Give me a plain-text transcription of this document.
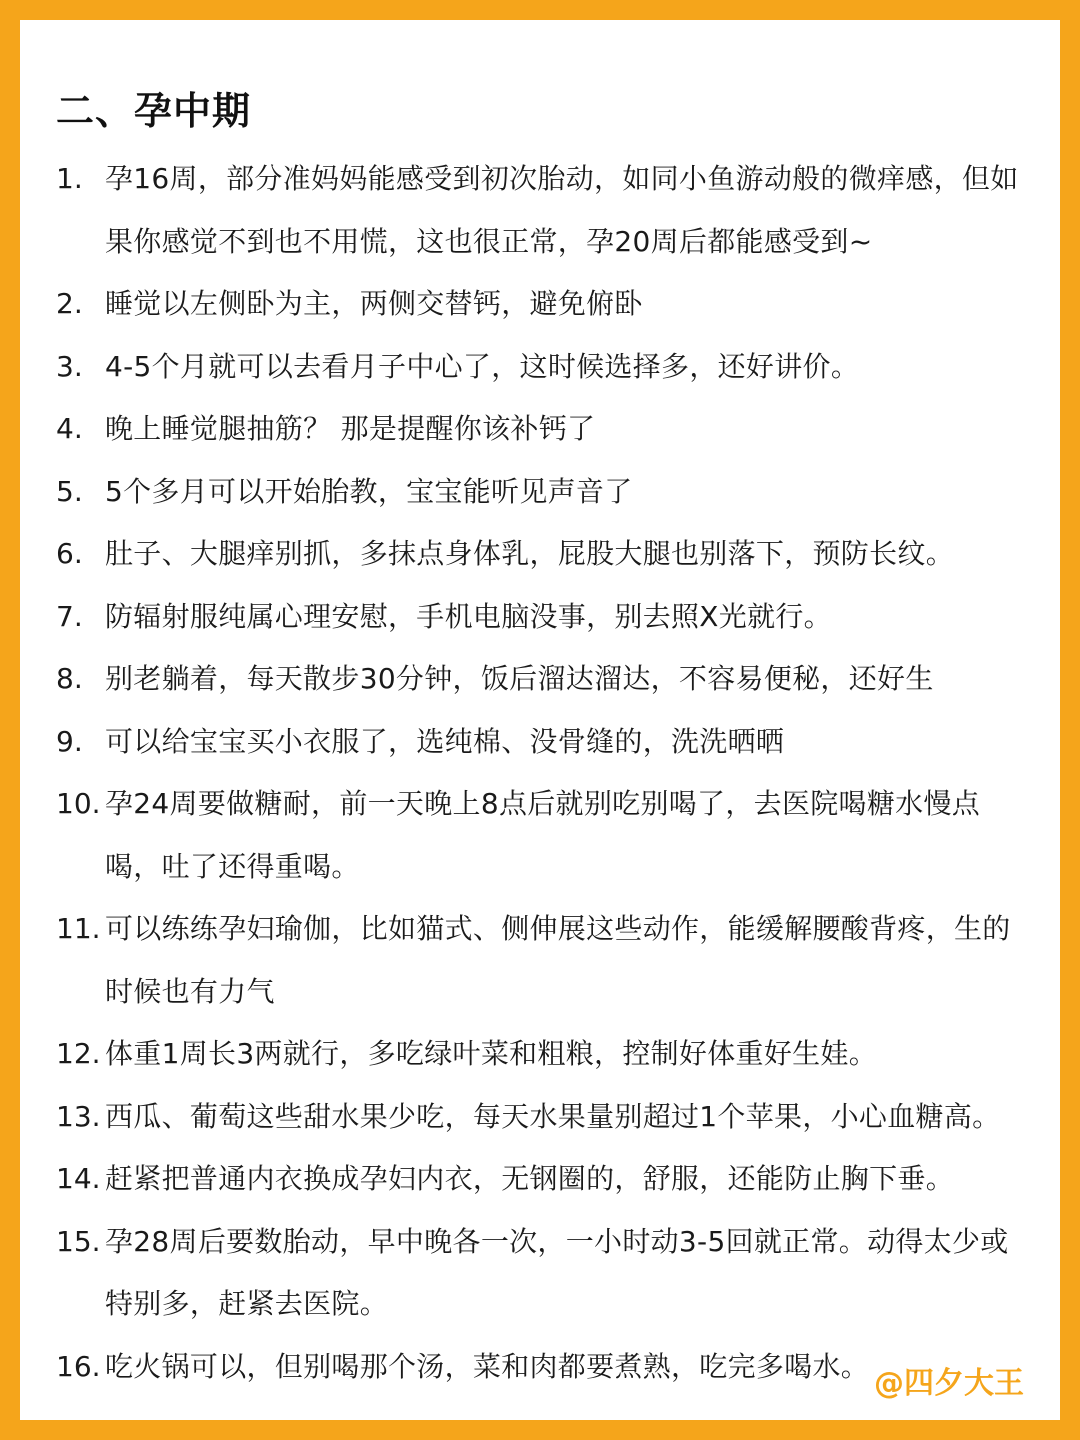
二、孕中期
1. 孕16周，部分准妈妈能感受到初次胎动，如同小鱼游动般的微痒感，但如果你感觉不到也不用慌，这也很正常，孕20周后都能感受到~
2. 睡觉以左侧卧为主，两侧交替钙，避免俯卧
3. 4-5个月就可以去看月子中心了，这时候选择多，还好讲价。
4. 晚上睡觉腿抽筋？ 那是提醒你该补钙了
5. 5个多月可以开始胎教，宝宝能听见声音了
6. 肚子、大腿痒别抓，多抹点身体乳，屁股大腿也别落下，预防长纹。
7. 防辐射服纯属心理安慰，手机电脑没事，别去照X光就行。
8. 别老躺着，每天散步30分钟，饭后溜达溜达，不容易便秘，还好生
9. 可以给宝宝买小衣服了，选纯棉、没骨缝的，洗洗晒晒
10. 孕24周要做糖耐，前一天晚上8点后就别吃别喝了，去医院喝糖水慢点喝，吐了还得重喝。
11. 可以练练孕妇瑜伽，比如猫式、侧伸展这些动作，能缓解腰酸背疼，生的时候也有力气
12. 体重1周长3两就行，多吃绿叶菜和粗粮，控制好体重好生娃。
13. 西瓜、葡萄这些甜水果少吃，每天水果量别超过1个苹果，小心血糖高。
14. 赶紧把普通内衣换成孕妇内衣，无钢圈的，舒服，还能防止胸下垂。
15. 孕28周后要数胎动，早中晚各一次，一小时动3-5回就正常。动得太少或特别多，赶紧去医院。
16. 吃火锅可以，但别喝那个汤，菜和肉都要煮熟，吃完多喝水。 @四夕大王
